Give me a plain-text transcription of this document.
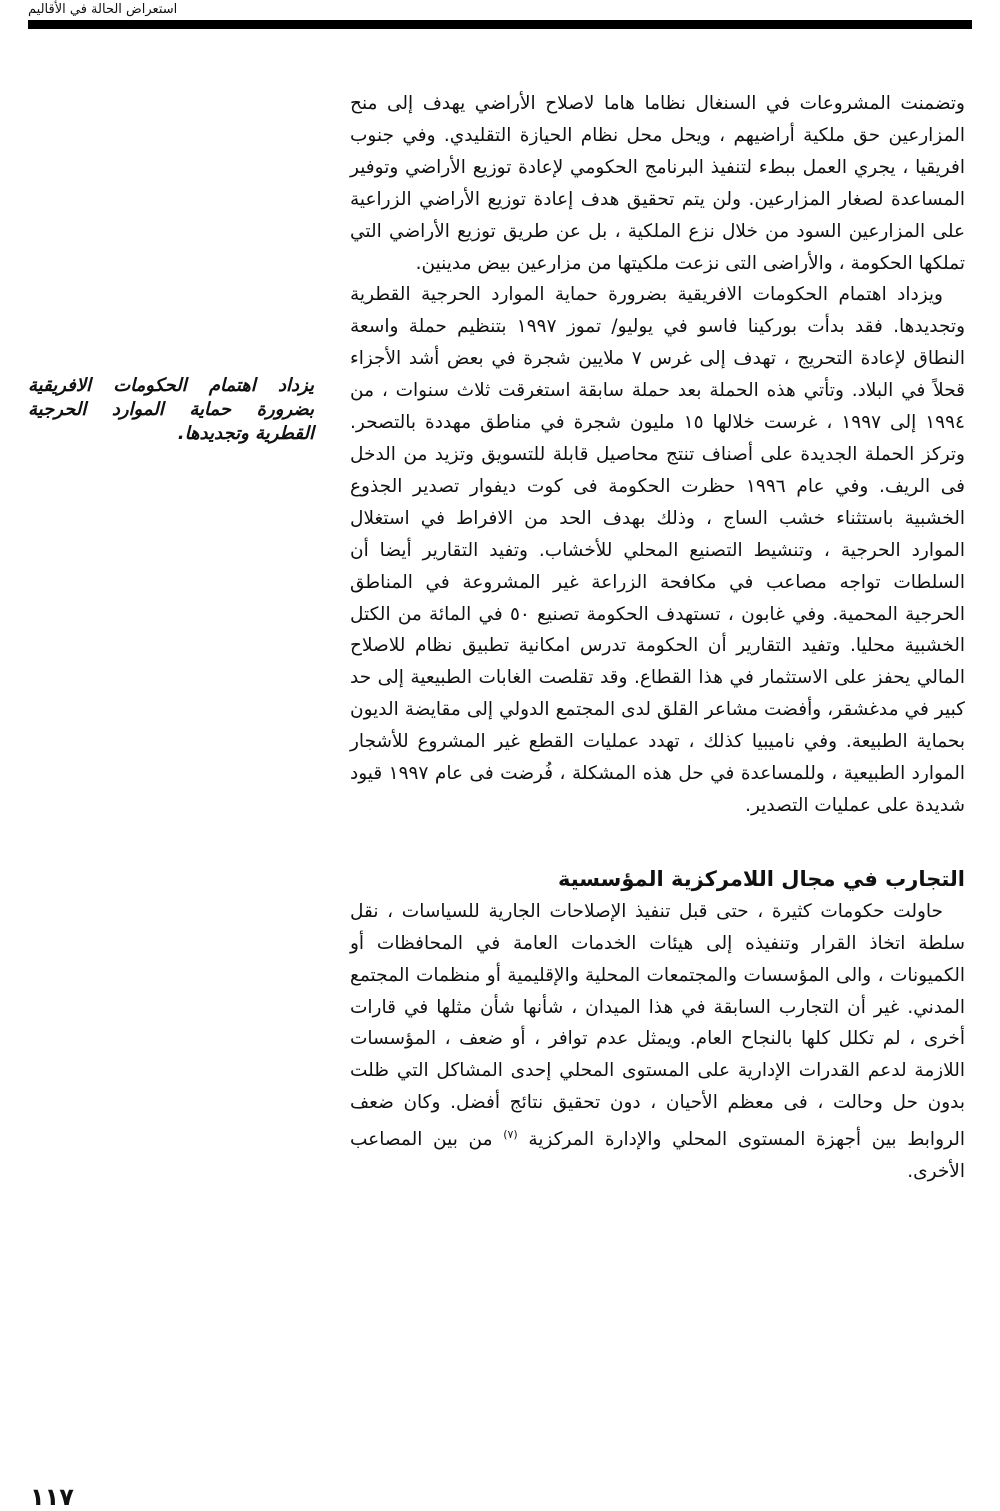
استعراض الحالة في الأقاليم
يزداد اهتمام الحكومات الافريقية بضرورة حماية الموارد الحرجية القطرية وتجديدها.

وتضمنت المشروعات في السنغال نظاما هاما لاصلاح الأراضي يهدف إلى منح المزارعين حق ملكية أراضيهم ، ويحل محل نظام الحيازة التقليدي. وفي جنوب افريقيا ، يجري العمل ببطء لتنفيذ البرنامج الحكومي لإعادة توزيع الأراضي وتوفير المساعدة لصغار المزارعين. ولن يتم تحقيق هدف إعادة توزيع الأراضي الزراعية على المزارعين السود من خلال نزع الملكية ، بل عن طريق توزيع الأراضي التي تملكها الحكومة ، والأراضى التى نزعت ملكيتها من مزارعين بيض مدينين.

ويزداد اهتمام الحكومات الافريقية بضرورة حماية الموارد الحرجية القطرية وتجديدها. فقد بدأت بوركينا فاسو في يوليو/ تموز ١٩٩٧ بتنظيم حملة واسعة النطاق لإعادة التحريج ، تهدف إلى غرس ٧ ملايين شجرة في بعض أشد الأجزاء قحلاً في البلاد. وتأتي هذه الحملة بعد حملة سابقة استغرقت ثلاث سنوات ، من ١٩٩٤ إلى ١٩٩٧ ، غرست خلالها ١٥ مليون شجرة في مناطق مهددة بالتصحر. وتركز الحملة الجديدة على أصناف تنتج محاصيل قابلة للتسويق وتزيد من الدخل فى الريف. وفي عام ١٩٩٦ حظرت الحكومة فى كوت ديفوار تصدير الجذوع الخشبية باستثناء خشب الساج ، وذلك بهدف الحد من الافراط في استغلال الموارد الحرجية ، وتنشيط التصنيع المحلي للأخشاب. وتفيد التقارير أيضا أن السلطات تواجه مصاعب في مكافحة الزراعة غير المشروعة في المناطق الحرجية المحمية. وفي غابون ، تستهدف الحكومة تصنيع ٥٠ في المائة من الكتل الخشبية محليا. وتفيد التقارير أن الحكومة تدرس امكانية تطبيق نظام للاصلاح المالي يحفز على الاستثمار في هذا القطاع. وقد تقلصت الغابات الطبيعية إلى حد كبير في مدغشقر، وأفضت مشاعر القلق لدى المجتمع الدولي إلى مقايضة الديون بحماية الطبيعة. وفي ناميبيا كذلك ، تهدد عمليات القطع غير المشروع للأشجار الموارد الطبيعية ، وللمساعدة في حل هذه المشكلة ، فُرضت فى عام ١٩٩٧ قيود شديدة على عمليات التصدير.

التجارب في مجال اللامركزية المؤسسية

حاولت حكومات كثيرة ، حتى قبل تنفيذ الإصلاحات الجارية للسياسات ، نقل سلطة اتخاذ القرار وتنفيذه إلى هيئات الخدمات العامة في المحافظات أو الكميونات ، والى المؤسسات والمجتمعات المحلية والإقليمية أو منظمات المجتمع المدني. غير أن التجارب السابقة في هذا الميدان ، شأنها شأن مثلها في قارات أخرى ، لم تكلل كلها بالنجاح العام. ويمثل عدم توافر ، أو ضعف ، المؤسسات اللازمة لدعم القدرات الإدارية على المستوى المحلي إحدى المشاكل التي ظلت بدون حل وحالت ، فى معظم الأحيان ، دون تحقيق نتائج أفضل. وكان ضعف الروابط بين أجهزة المستوى المحلي والإدارة المركزية $^{(٧)}$ من بين المصاعب الأخرى.

١١٧
